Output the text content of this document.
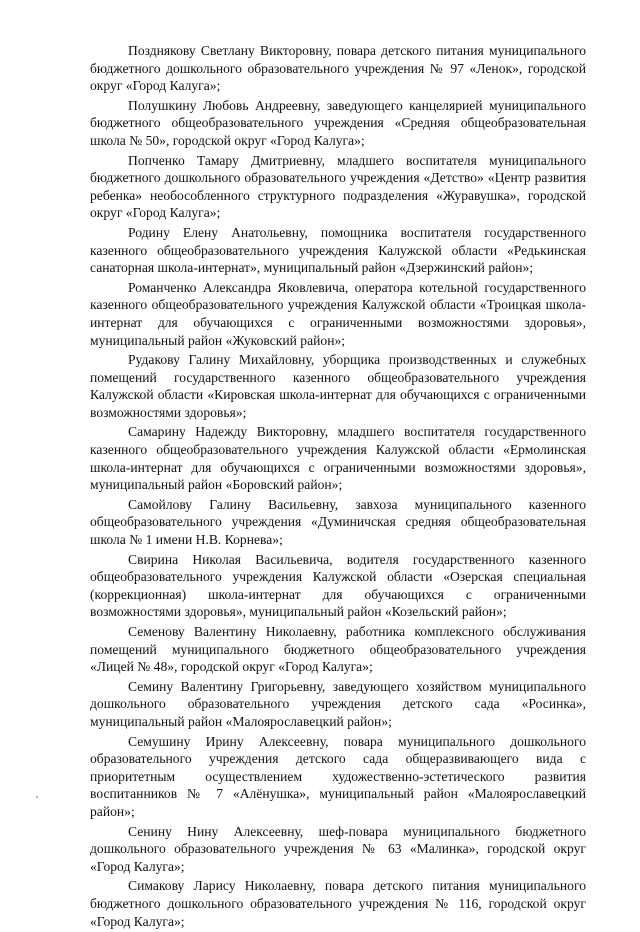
Позднякову Светлану Викторовну, повара детского питания муниципального бюджетного дошкольного образовательного учреждения № 97 «Ленок», городской округ «Город Калуга»;

Полушкину Любовь Андреевну, заведующего канцелярией муниципального бюджетного общеобразовательного учреждения «Средняя общеобразовательная школа № 50», городской округ «Город Калуга»;

Попченко Тамару Дмитриевну, младшего воспитателя муниципального бюджетного дошкольного образовательного учреждения «Детство» «Центр развития ребенка» необособленного структурного подразделения «Журавушка», городской округ «Город Калуга»;

Родину Елену Анатольевну, помощника воспитателя государственного казенного общеобразовательного учреждения Калужской области «Редькинская санаторная школа-интернат», муниципальный район «Дзержинский район»;

Романченко Александра Яковлевича, оператора котельной государственного казенного общеобразовательного учреждения Калужской области «Троицкая школа-интернат для обучающихся с ограниченными возможностями здоровья», муниципальный район «Жуковский район»;

Рудакову Галину Михайловну, уборщика производственных и служебных помещений государственного казенного общеобразовательного учреждения Калужской области «Кировская школа-интернат для обучающихся с ограниченными возможностями здоровья»;

Самарину Надежду Викторовну, младшего воспитателя государственного казенного общеобразовательного учреждения Калужской области «Ермолинская школа-интернат для обучающихся с ограниченными возможностями здоровья», муниципальный район «Боровский район»;

Самойлову Галину Васильевну, завхоза муниципального казенного общеобразовательного учреждения «Думиничская средняя общеобразовательная школа № 1 имени Н.В. Корнева»;

Свирина Николая Васильевича, водителя государственного казенного общеобразовательного учреждения Калужской области «Озерская специальная (коррекционная) школа-интернат для обучающихся с ограниченными возможностями здоровья», муниципальный район «Козельский район»;

Семенову Валентину Николаевну, работника комплексного обслуживания помещений муниципального бюджетного общеобразовательного учреждения «Лицей № 48», городской округ «Город Калуга»;

Семину Валентину Григорьевну, заведующего хозяйством муниципального дошкольного образовательного учреждения детского сада «Росинка», муниципальный район «Малоярославецкий район»;

Семушину Ирину Алексеевну, повара муниципального дошкольного образовательного учреждения детского сада общеразвивающего вида с приоритетным осуществлением художественно-эстетического развития воспитанников № 7 «Алёнушка», муниципальный район «Малоярославецкий район»;

Сенину Нину Алексеевну, шеф-повара муниципального бюджетного дошкольного образовательного учреждения № 63 «Малинка», городской округ «Город Калуга»;

Симакову Ларису Николаевну, повара детского питания муниципального бюджетного дошкольного образовательного учреждения № 116, городской округ «Город Калуга»;
